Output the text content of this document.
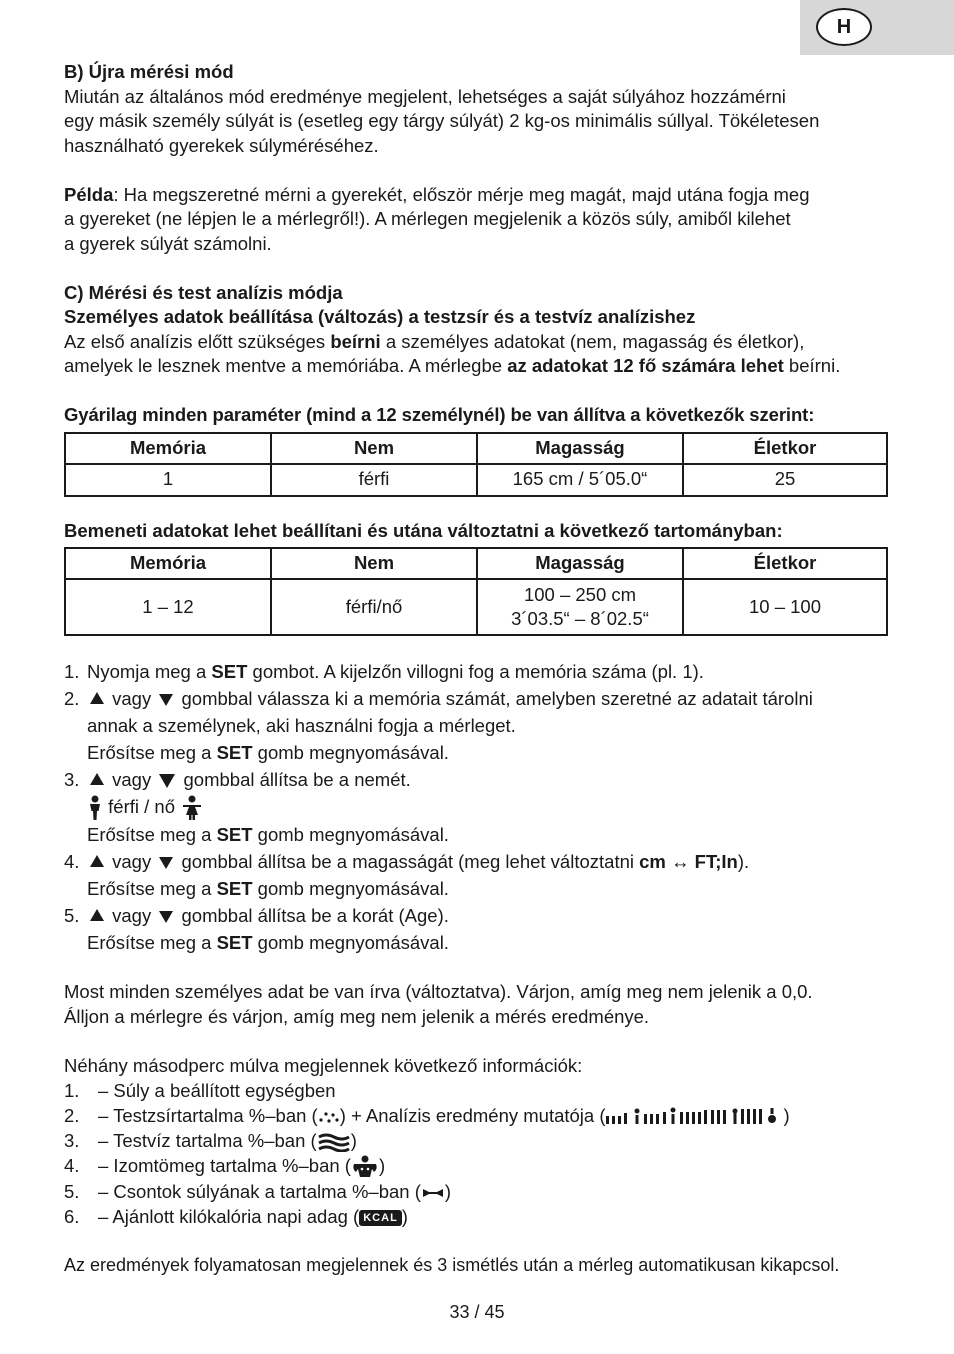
H
B) Újra mérési mód
Miután az általános mód eredménye megjelent, lehetséges a saját súlyához hozzámérni
egy másik személy súlyát is (esetleg egy tárgy súlyát) 2 kg-os minimális súllyal. Tökéletesen
használható gyerekek súlyméréséhez.
Példa: Ha megszeretné mérni a gyerekét, először mérje meg magát, majd utána fogja meg
a gyereket (ne lépjen le a mérlegről!). A mérlegen megjelenik a közös súly, amiből kilehet
a gyerek súlyát számolni.
C) Mérési és test analízis módja
Személyes adatok beállítása (változás) a testzsír és a testvíz analízishez
Az első analízis előtt szükséges beírni a személyes adatokat (nem, magasság és életkor),
amelyek le lesznek mentve a memóriába. A mérlegbe az adatokat 12 fő számára lehet beírni.
Gyárilag minden paraméter (mind a 12 személynél) be van állítva a következők szerint:
Memória	Nem	Magasság	Életkor
1	férfi	165 cm / 5´05.0“	25
Bemeneti adatokat lehet beállítani és utána változtatni a következő tartományban:
Memória	Nem	Magasság	Életkor
1 – 12	férfi/nő	100 – 250 cm
3´03.5“ – 8´02.5“	10 – 100
1. Nyomja meg a SET gombot. A kijelzőn villogni fog a memória száma (pl. 1).
2. vagy gombbal válassza ki a memória számát, amelyben szeretné az adatait tárolni
annak a személynek, aki használni fogja a mérleget.
Erősítse meg a SET gomb megnyomásával.
3. vagy gombbal állítsa be a nemét.
férfi / nő
Erősítse meg a SET gomb megnyomásával.
4. vagy gombbal állítsa be a magasságát (meg lehet változtatni cm ↔ FT;In).
Erősítse meg a SET gomb megnyomásával.
5. vagy gombbal állítsa be a korát (Age).
Erősítse meg a SET gomb megnyomásával.
Most minden személyes adat be van írva (változtatva). Várjon, amíg meg nem jelenik a 0,0.
Álljon a mérlegre és várjon, amíg meg nem jelenik a mérés eredménye.
Néhány másodperc múlva megjelennek következő információk:
1. – Súly a beállított egységben
2. – Testzsírtartalma %–ban ( ) + Analízis eredmény mutatója (	)
3. – Testvíz tartalma %–ban ( )
4. – Izomtömeg tartalma %–ban ( )
5. – Csontok súlyának a tartalma %–ban ( )
6. – Ajánlott kilókalória napi adag ( KCAL )
Az eredmények folyamatosan megjelennek és 3 ismétlés után a mérleg automatikusan kikapcsol.
33 / 45
